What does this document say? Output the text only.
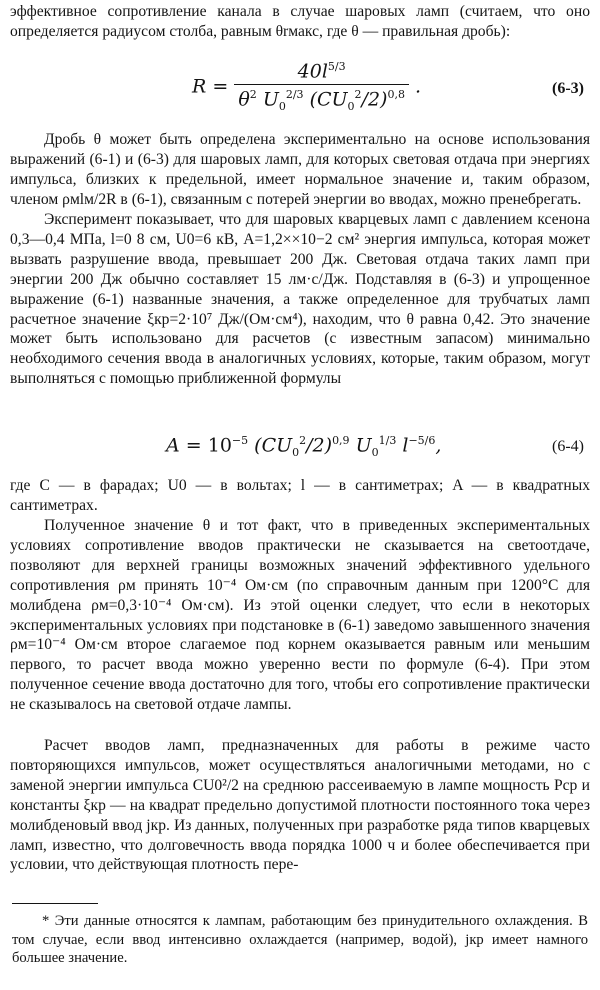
эффективное сопротивление канала в случае шаровых ламп (считаем, что оно определяется радиусом столба, равным θrмакс, где θ — правильная дробь):
$R = \frac{40l^{5/3}}{\theta^2 U_0^{2/3} (CU_0^2/2)^{0,8}}$ .	(6-3)
Дробь θ может быть определена экспериментально на основе использования выражений (6-1) и (6-3) для шаровых ламп, для которых световая отдача при энергиях импульса, близких к предельной, имеет нормальное значение и, таким образом, членом ρмlм/2R в (6-1), связанным с потерей энергии во вводах, можно пренебрегать.
Эксперимент показывает, что для шаровых кварцевых ламп с давлением ксенона 0,3—0,4 МПа, l=0 8 см, U0=6 кВ, A=1,2××10−2 см² энергия импульса, которая может вызвать разрушение ввода, превышает 200 Дж. Световая отдача таких ламп при энергии 200 Дж обычно составляет 15 лм·с/Дж. Подставляя в (6-3) и упрощенное выражение (6-1) названные значения, а также определенное для трубчатых ламп расчетное значение ξкр=2·10⁷ Дж/(Ом·см⁴), находим, что θ равна 0,42. Это значение может быть использовано для расчетов (с известным запасом) минимально необходимого сечения ввода в аналогичных условиях, которые, таким образом, могут выполняться с помощью приближенной формулы
$A = 10^{-5}$ $(CU_0^2/2)^{0,9}$ $U_0^{1/3}$ $l^{-5/6}$,	(6-4)
где C — в фарадах; U0 — в вольтах; l — в сантиметрах; A — в квадратных сантиметрах.
Полученное значение θ и тот факт, что в приведенных экспериментальных условиях сопротивление вводов практически не сказывается на светоотдаче, позволяют для верхней границы возможных значений эффективного удельного сопротивления ρм принять 10⁻⁴ Ом·см (по справочным данным при 1200°C для молибдена ρм=0,3·10⁻⁴ Ом·см). Из этой оценки следует, что если в некоторых экспериментальных условиях при подстановке в (6-1) заведомо завышенного значения ρм=10⁻⁴ Ом·см второе слагаемое под корнем оказывается равным или меньшим первого, то расчет ввода можно уверенно вести по формуле (6-4). При этом полученное сечение ввода достаточно для того, чтобы его сопротивление практически не сказывалось на световой отдаче лампы.
Расчет вводов ламп, предназначенных для работы в режиме часто повторяющихся импульсов, может осуществляться аналогичными методами, но с заменой энергии импульса CU0²/2 на среднюю рассеиваемую в лампе мощность Pср и константы ξкр — на квадрат предельно допустимой плотности постоянного тока через молибденовый ввод jкр. Из данных, полученных при разработке ряда типов кварцевых ламп, известно, что долговечность ввода порядка 1000 ч и более обеспечивается при условии, что действующая плотность пере-
* Эти данные относятся к лампам, работающим без принудительного охлаждения. В том случае, если ввод интенсивно охлаждается (например, водой), jкр имеет намного большее значение.
